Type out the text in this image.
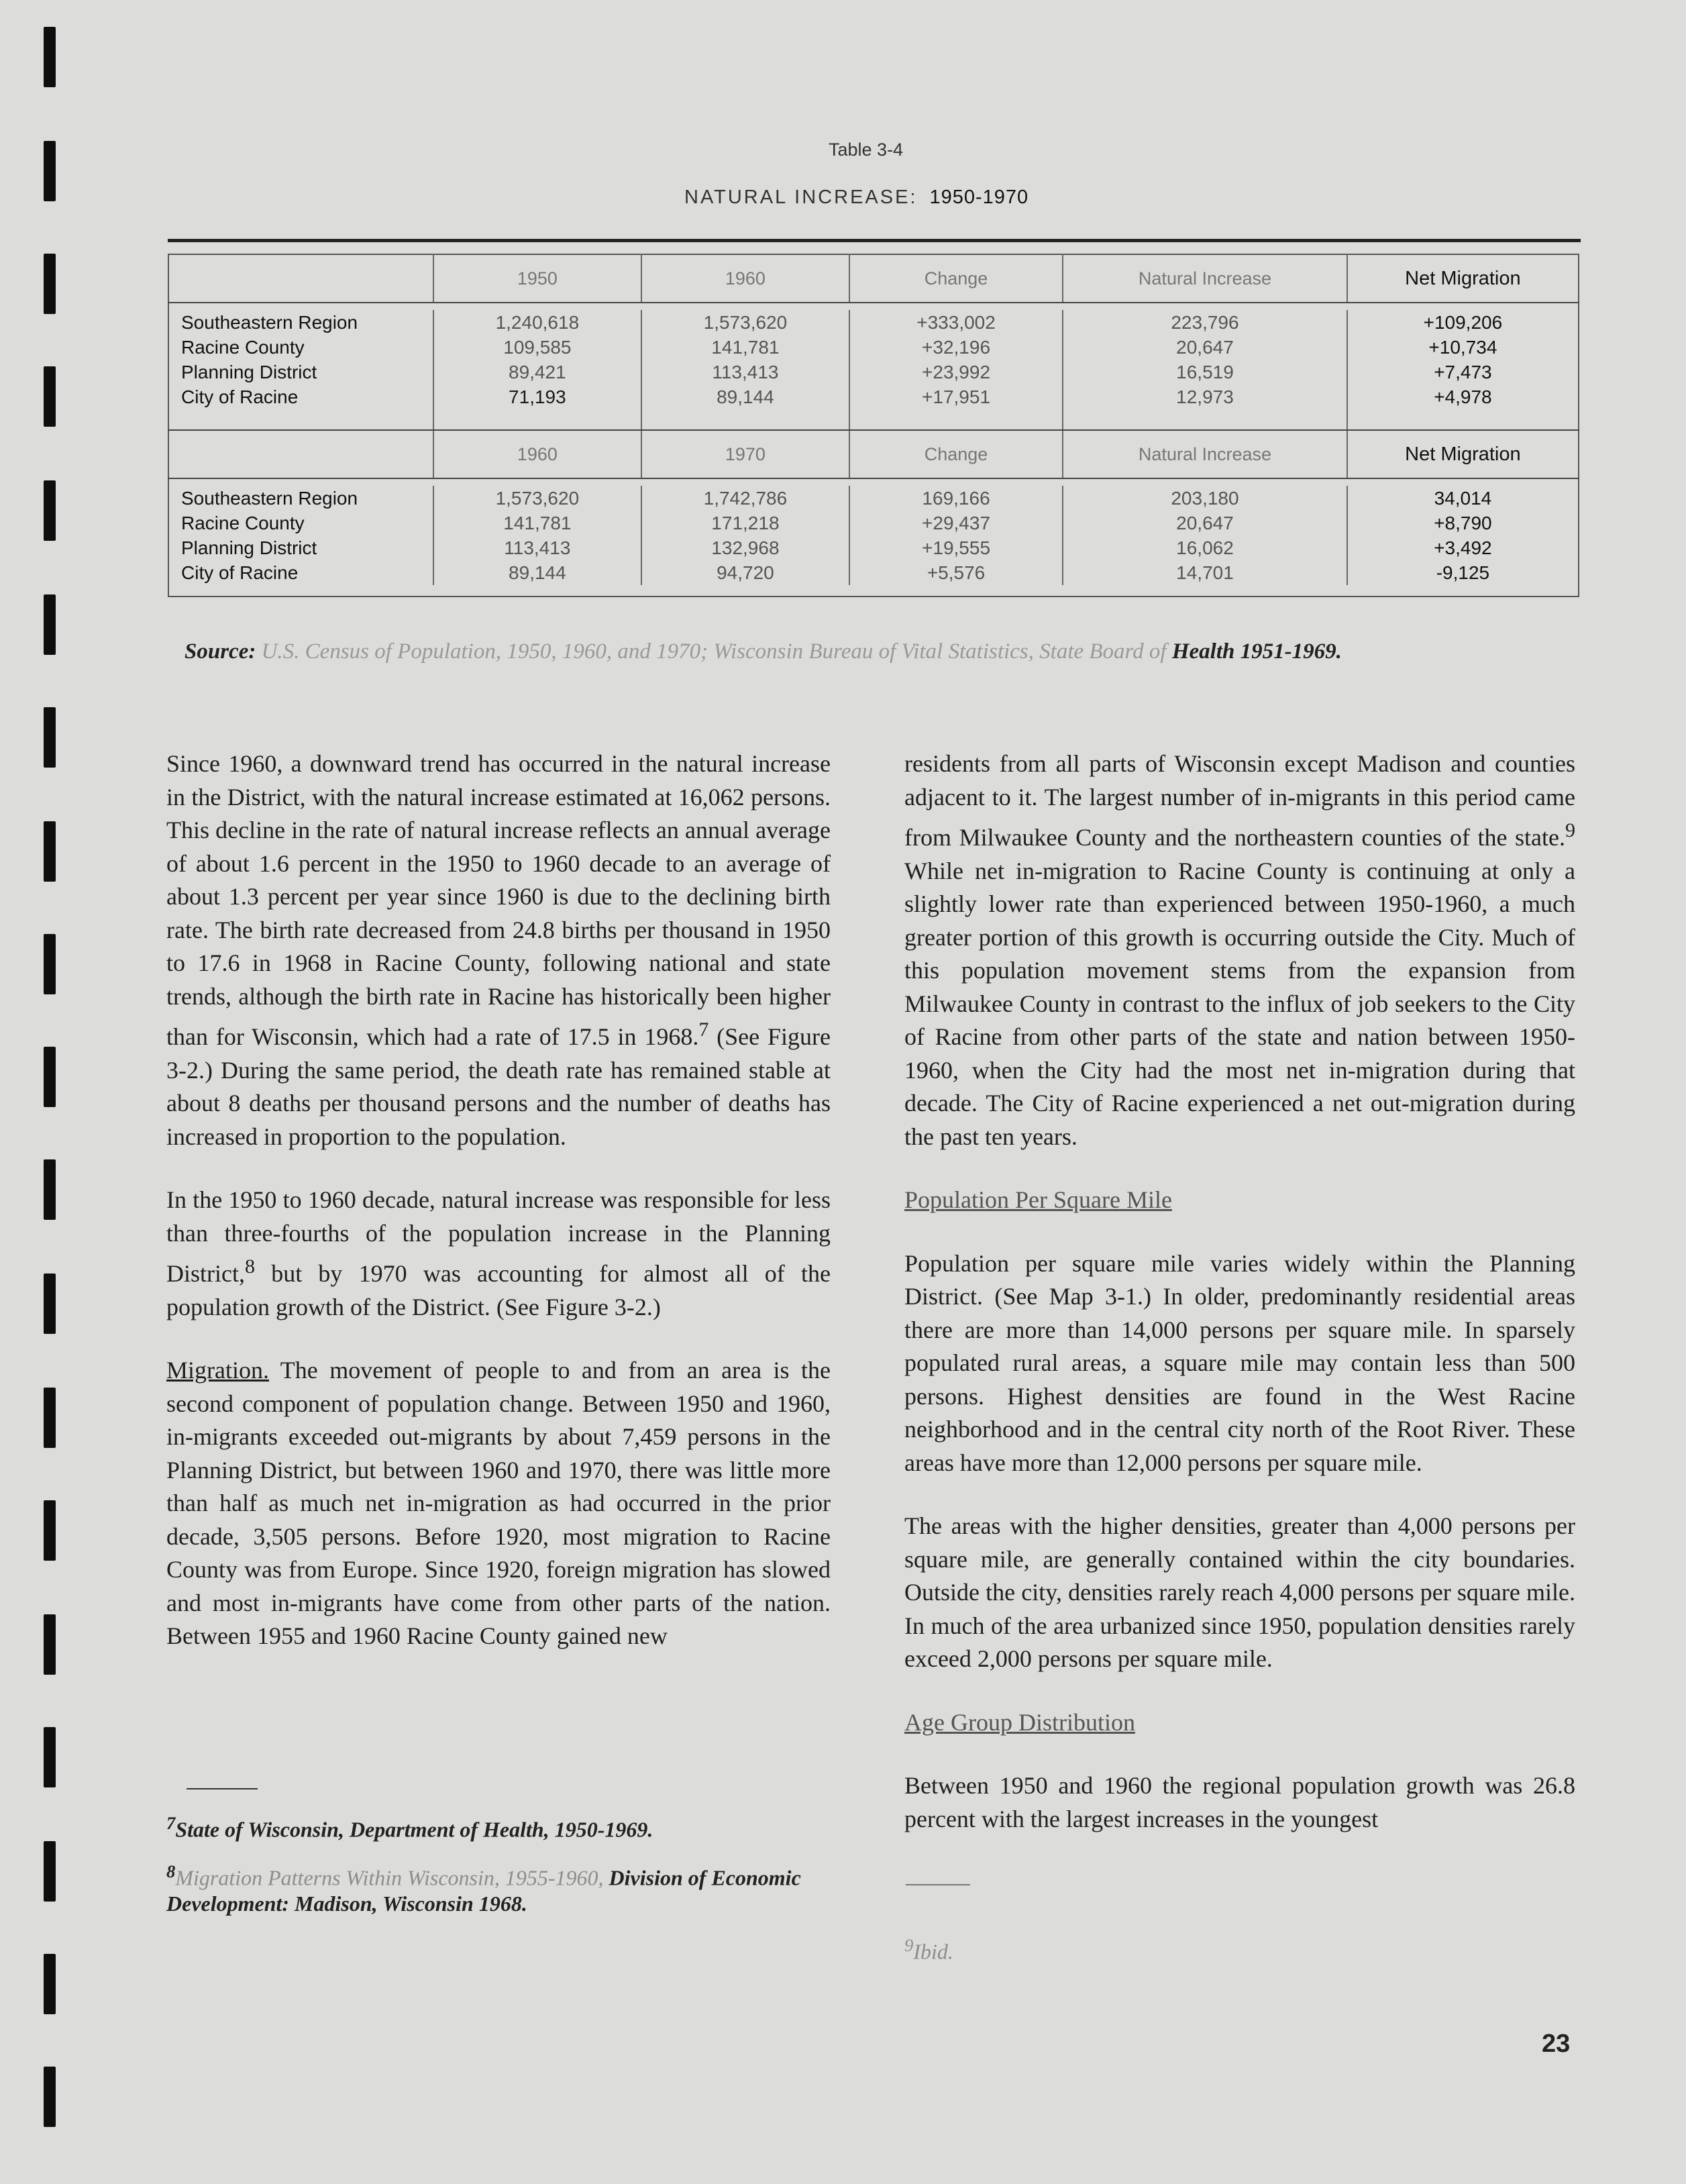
Table 3-4
NATURAL INCREASE: 1950-1970
	1950	1960	Change	Natural Increase	Net Migration

Southeastern Region	1,240,618	1,573,620	+333,002	223,796	+109,206
Racine County	109,585	141,781	+32,196	20,647	+10,734
Planning District	89,421	113,413	+23,992	16,519	+7,473
City of Racine	71,193	89,144	+17,951	12,973	+4,978

	1960	1970	Change	Natural Increase	Net Migration

Southeastern Region	1,573,620	1,742,786	169,166	203,180	34,014
Racine County	141,781	171,218	+29,437	20,647	+8,790
Planning District	113,413	132,968	+19,555	16,062	+3,492
City of Racine	89,144	94,720	+5,576	14,701	-9,125

Source: U.S. Census of Population, 1950, 1960, and 1970; Wisconsin Bureau of Vital Statistics, State Board of Health 1951-1969.

Since 1960, a downward trend has occurred in the natural increase in the District, with the natural increase estimated at 16,062 persons. This decline in the rate of natural increase reflects an annual average of about 1.6 percent in the 1950 to 1960 decade to an average of about 1.3 percent per year since 1960 is due to the declining birth rate. The birth rate decreased from 24.8 births per thousand in 1950 to 17.6 in 1968 in Racine County, following national and state trends, although the birth rate in Racine has historically been higher than for Wisconsin, which had a rate of 17.5 in 1968.$^7$ (See Figure 3-2.) During the same period, the death rate has remained stable at about 8 deaths per thousand persons and the number of deaths has increased in proportion to the population.

In the 1950 to 1960 decade, natural increase was responsible for less than three-fourths of the population increase in the Planning District,$^8$ but by 1970 was accounting for almost all of the population growth of the District. (See Figure 3-2.)

Migration. The movement of people to and from an area is the second component of population change. Between 1950 and 1960, in-migrants exceeded out-migrants by about 7,459 persons in the Planning District, but between 1960 and 1970, there was little more than half as much net in-migration as had occurred in the prior decade, 3,505 persons. Before 1920, most migration to Racine County was from Europe. Since 1920, foreign migration has slowed and most in-migrants have come from other parts of the nation. Between 1955 and 1960 Racine County gained new

$^7$State of Wisconsin, Department of Health, 1950-1969.
$^8$Migration Patterns Within Wisconsin, 1955-1960, Division of Economic Development: Madison, Wisconsin 1968.

residents from all parts of Wisconsin except Madison and counties adjacent to it. The largest number of in-migrants in this period came from Milwaukee County and the northeastern counties of the state.$^9$ While net in-migration to Racine County is continuing at only a slightly lower rate than experienced between 1950-1960, a much greater portion of this growth is occurring outside the City. Much of this population movement stems from the expansion from Milwaukee County in contrast to the influx of job seekers to the City of Racine from other parts of the state and nation between 1950-1960, when the City had the most net in-migration during that decade. The City of Racine experienced a net out-migration during the past ten years.

Population Per Square Mile

Population per square mile varies widely within the Planning District. (See Map 3-1.) In older, predominantly residential areas there are more than 14,000 persons per square mile. In sparsely populated rural areas, a square mile may contain less than 500 persons. Highest densities are found in the West Racine neighborhood and in the central city north of the Root River. These areas have more than 12,000 persons per square mile.

The areas with the higher densities, greater than 4,000 persons per square mile, are generally contained within the city boundaries. Outside the city, densities rarely reach 4,000 persons per square mile. In much of the area urbanized since 1950, population densities rarely exceed 2,000 persons per square mile.

Age Group Distribution

Between 1950 and 1960 the regional population growth was 26.8 percent with the largest increases in the youngest

$^9$Ibid.
23
